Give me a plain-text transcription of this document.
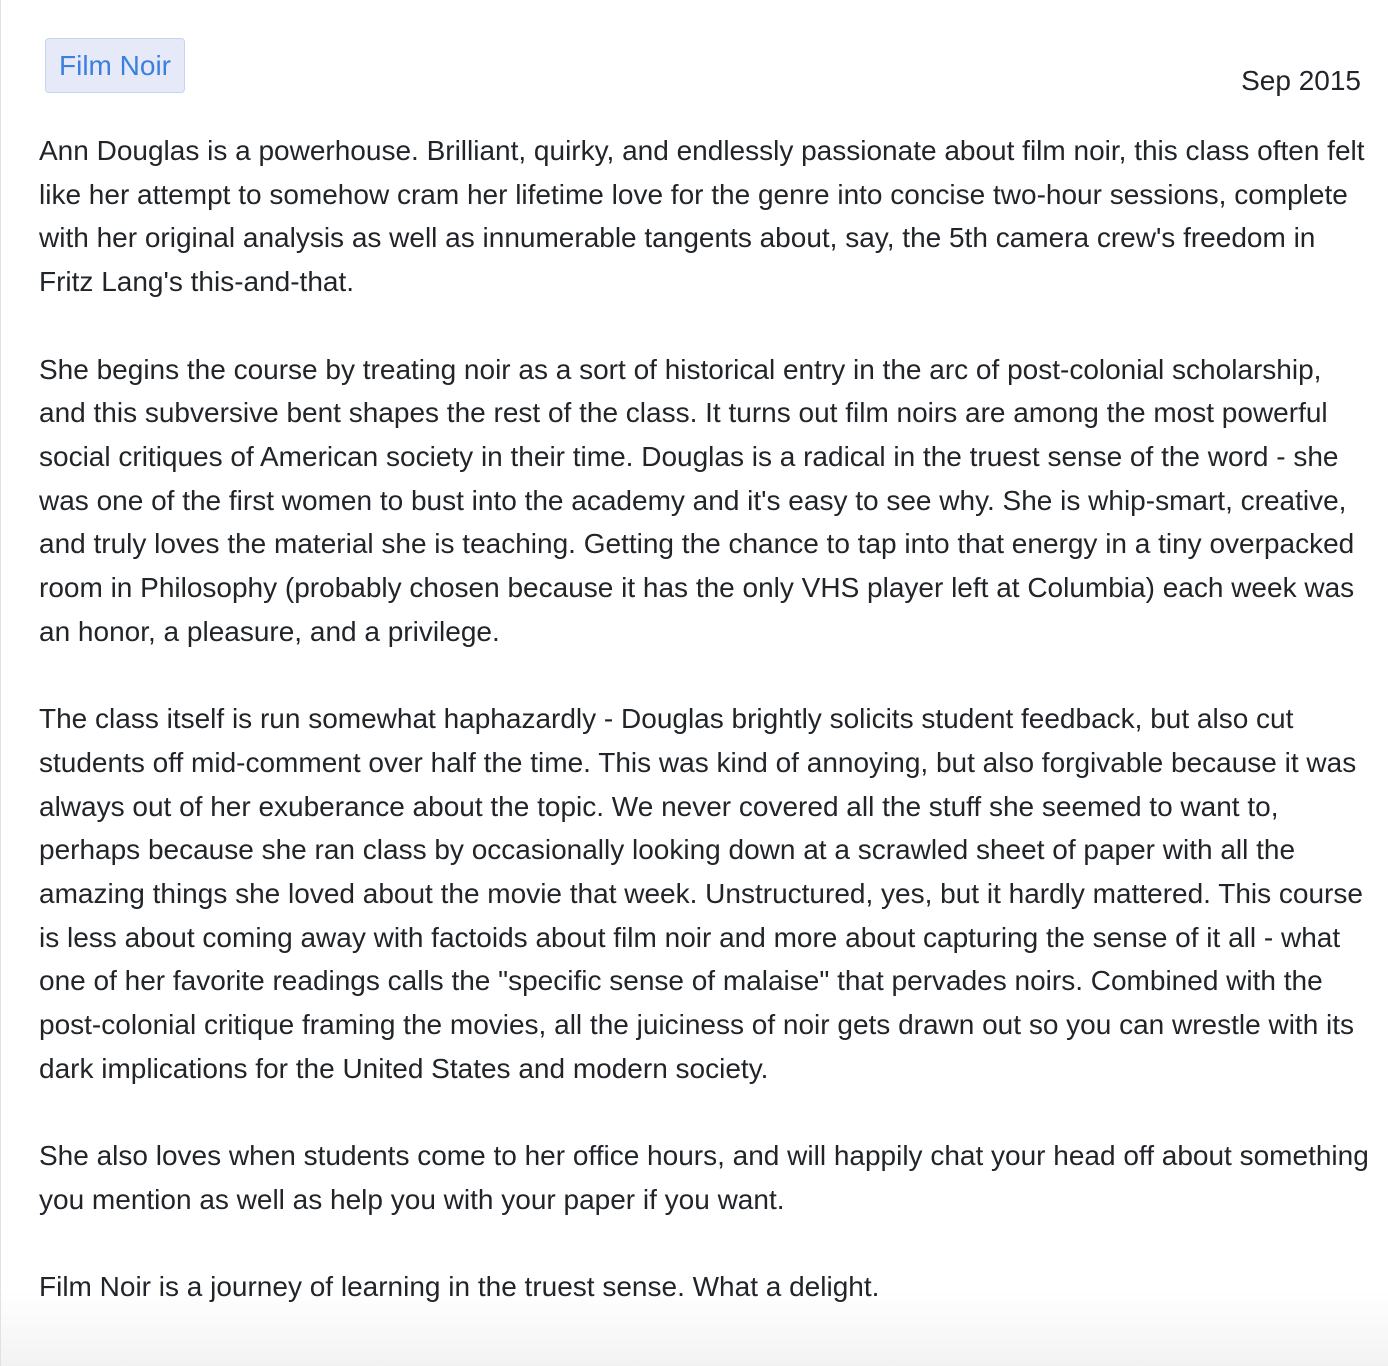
Film Noir	Sep 2015

Ann Douglas is a powerhouse. Brilliant, quirky, and endlessly passionate about film noir, this class often felt like her attempt to somehow cram her lifetime love for the genre into concise two-hour sessions, complete with her original analysis as well as innumerable tangents about, say, the 5th camera crew's freedom in Fritz Lang's this-and-that.

She begins the course by treating noir as a sort of historical entry in the arc of post-colonial scholarship, and this subversive bent shapes the rest of the class. It turns out film noirs are among the most powerful social critiques of American society in their time. Douglas is a radical in the truest sense of the word - she was one of the first women to bust into the academy and it's easy to see why. She is whip-smart, creative, and truly loves the material she is teaching. Getting the chance to tap into that energy in a tiny overpacked room in Philosophy (probably chosen because it has the only VHS player left at Columbia) each week was an honor, a pleasure, and a privilege.

The class itself is run somewhat haphazardly - Douglas brightly solicits student feedback, but also cut students off mid-comment over half the time. This was kind of annoying, but also forgivable because it was always out of her exuberance about the topic. We never covered all the stuff she seemed to want to, perhaps because she ran class by occasionally looking down at a scrawled sheet of paper with all the amazing things she loved about the movie that week. Unstructured, yes, but it hardly mattered. This course is less about coming away with factoids about film noir and more about capturing the sense of it all - what one of her favorite readings calls the "specific sense of malaise" that pervades noirs. Combined with the post-colonial critique framing the movies, all the juiciness of noir gets drawn out so you can wrestle with its dark implications for the United States and modern society.

She also loves when students come to her office hours, and will happily chat your head off about something you mention as well as help you with your paper if you want.

Film Noir is a journey of learning in the truest sense. What a delight.
